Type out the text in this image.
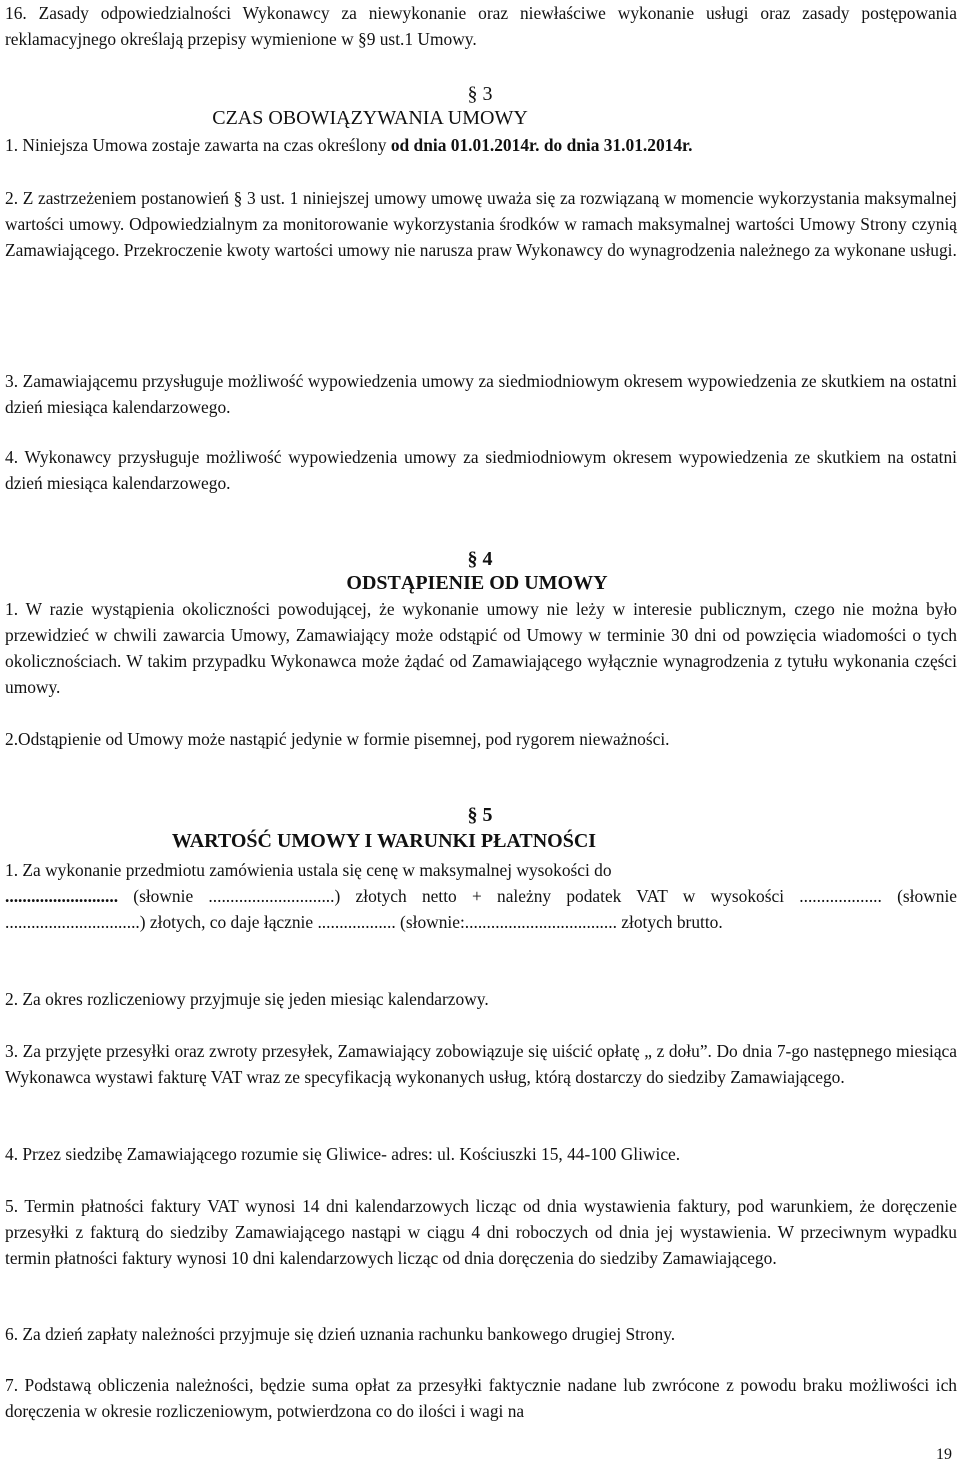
16. Zasady odpowiedzialności Wykonawcy za niewykonanie oraz niewłaściwe wykonanie usługi oraz zasady postępowania reklamacyjnego określają przepisy wymienione w §9 ust.1 Umowy.

§ 3
CZAS OBOWIĄZYWANIA UMOWY

1. Niniejsza Umowa zostaje zawarta na czas określony od dnia 01.01.2014r. do dnia 31.01.2014r.

2. Z zastrzeżeniem postanowień § 3 ust. 1 niniejszej umowy umowę uważa się za rozwiązaną w momencie wykorzystania maksymalnej wartości umowy. Odpowiedzialnym za monitorowanie wykorzystania środków w ramach maksymalnej wartości Umowy Strony czynią Zamawiającego. Przekroczenie kwoty wartości umowy nie narusza praw Wykonawcy do wynagrodzenia należnego za wykonane usługi.

3. Zamawiającemu przysługuje możliwość wypowiedzenia umowy za siedmiodniowym okresem wypowiedzenia ze skutkiem na ostatni dzień miesiąca kalendarzowego.

4. Wykonawcy przysługuje możliwość wypowiedzenia umowy za siedmiodniowym okresem wypowiedzenia ze skutkiem na ostatni dzień miesiąca kalendarzowego.

§ 4
ODSTĄPIENIE OD UMOWY

1. W razie wystąpienia okoliczności powodującej, że wykonanie umowy nie leży w interesie publicznym, czego nie można było przewidzieć w chwili zawarcia Umowy, Zamawiający może odstąpić od Umowy w terminie 30 dni od powzięcia wiadomości o tych okolicznościach. W takim przypadku Wykonawca może żądać od Zamawiającego wyłącznie wynagrodzenia z tytułu wykonania części umowy.

2.Odstąpienie od Umowy może nastąpić jedynie w formie pisemnej, pod rygorem nieważności.

§ 5
WARTOŚĆ UMOWY I WARUNKI PŁATNOŚCI

1. Za wykonanie przedmiotu zamówienia ustala się cenę w maksymalnej wysokości do

.......................... (słownie .............................) złotych netto + należny podatek VAT w wysokości ................... (słownie ...............................) złotych, co daje łącznie .................. (słownie:................................... złotych brutto.

2. Za okres rozliczeniowy przyjmuje się jeden miesiąc kalendarzowy.

3. Za przyjęte przesyłki oraz zwroty przesyłek, Zamawiający zobowiązuje się uiścić opłatę „ z dołu”. Do dnia 7-go następnego miesiąca Wykonawca wystawi fakturę VAT wraz ze specyfikacją wykonanych usług, którą dostarczy do siedziby Zamawiającego.

4. Przez siedzibę Zamawiającego rozumie się Gliwice- adres: ul. Kościuszki 15, 44-100 Gliwice.

5. Termin płatności faktury VAT wynosi 14 dni kalendarzowych licząc od dnia wystawienia faktury, pod warunkiem, że doręczenie przesyłki z fakturą do siedziby Zamawiającego nastąpi w ciągu 4 dni roboczych od dnia jej wystawienia. W przeciwnym wypadku termin płatności faktury wynosi 10 dni kalendarzowych licząc od dnia doręczenia do siedziby Zamawiającego.

6. Za dzień zapłaty należności przyjmuje się dzień uznania rachunku bankowego drugiej Strony.

7. Podstawą obliczenia należności, będzie suma opłat za przesyłki faktycznie nadane lub zwrócone z powodu braku możliwości ich doręczenia w okresie rozliczeniowym, potwierdzona co do ilości i wagi na

19
